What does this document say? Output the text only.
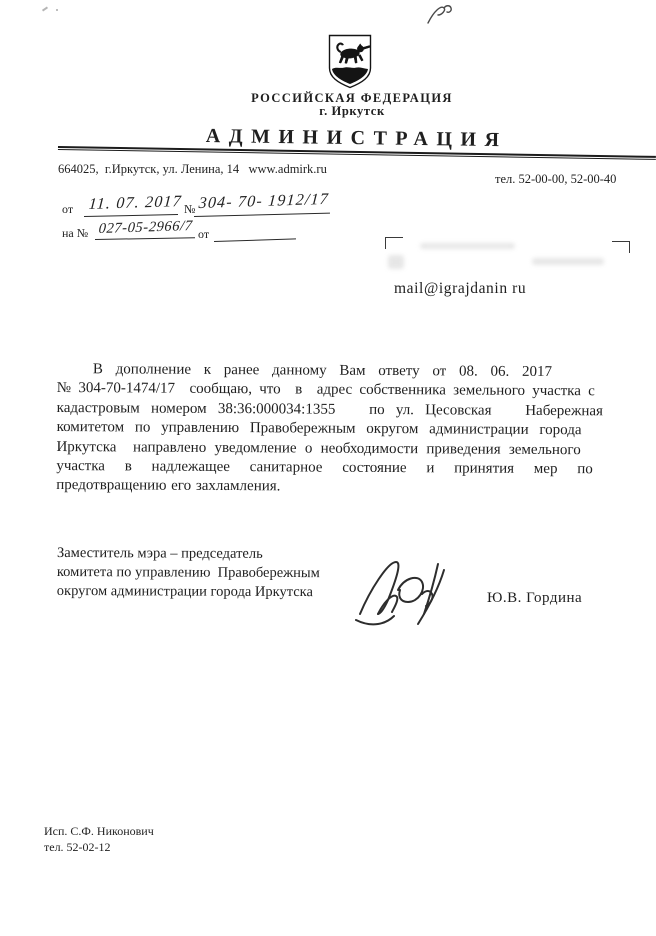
РОССИЙСКАЯ ФЕДЕРАЦИЯ
г. Иркутск
АДМИНИСТРАЦИЯ
664025,  г.Иркутск, ул. Ленина, 14   www.admirk.ru
тел. 52-00-00, 52-00-40
от 11. 07. 2017 № 304- 70- 1912/17
на № 027-05-2966/7 от
mail@igrajdanin ru
В дополнение к ранее данному Вам ответу от 08. 06. 2017
№ 304-70-1474/17  сообщаю, что  в  адрес собственника земельного участка с
кадастровым номером 38:36:000034:1355   по ул. Цесовская   Набережная
комитетом по управлению Правобережным округом администрации города
Иркутска  направлено уведомление о необходимости приведения земельного
участка в надлежащее санитарное состояние и принятия мер по
предотвращению его захламления.
Заместитель мэра – председатель
комитета по управлению  Правобережным
округом администрации города Иркутска	Ю.В. Гордина
Исп. С.Ф. Никонович
тел. 52-02-12
